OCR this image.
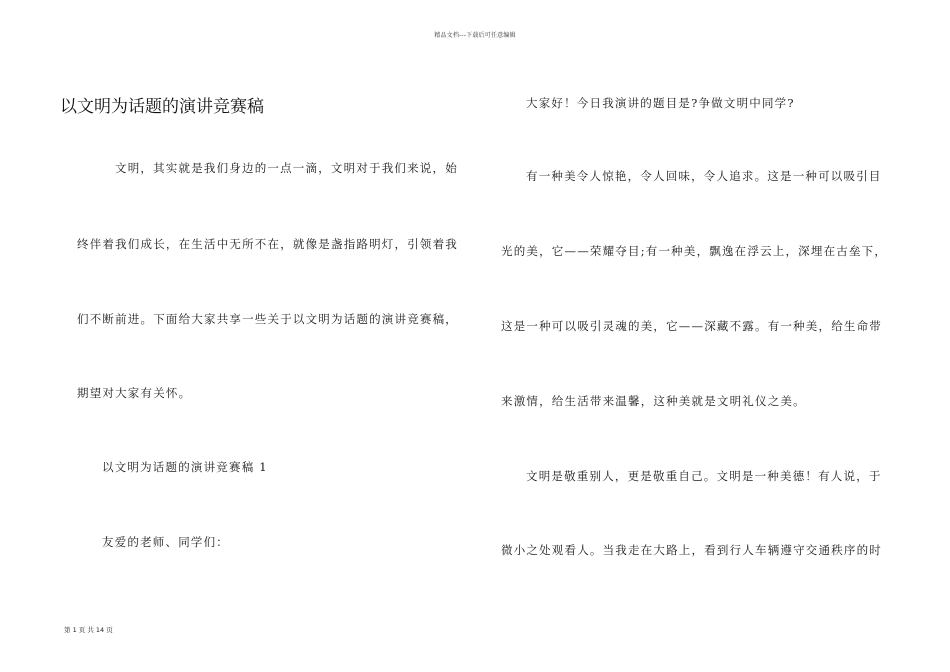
精品文档---下载后可任意编辑
以文明为话题的演讲竞赛稿
文明，其实就是我们身边的一点一滴，文明对于我们来说，始
终伴着我们成长，在生活中无所不在，就像是盏指路明灯，引领着我
们不断前进。下面给大家共享一些关于以文明为话题的演讲竞赛稿，
期望对大家有关怀。
以文明为话题的演讲竞赛稿 1
友爱的老师、同学们：
大家好！今日我演讲的题目是?争做文明中同学?
有一种美令人惊艳，令人回味，令人追求。这是一种可以吸引目
光的美，它——荣耀夺目;有一种美，飘逸在浮云上，深埋在古垒下，
这是一种可以吸引灵魂的美，它——深藏不露。有一种美，给生命带
来激情，给生活带来温馨，这种美就是文明礼仪之美。
文明是敬重别人，更是敬重自己。文明是一种美德！有人说，于
微小之处观看人。当我走在大路上，看到行人车辆遵守交通秩序的时
第 1 页 共 14 页
